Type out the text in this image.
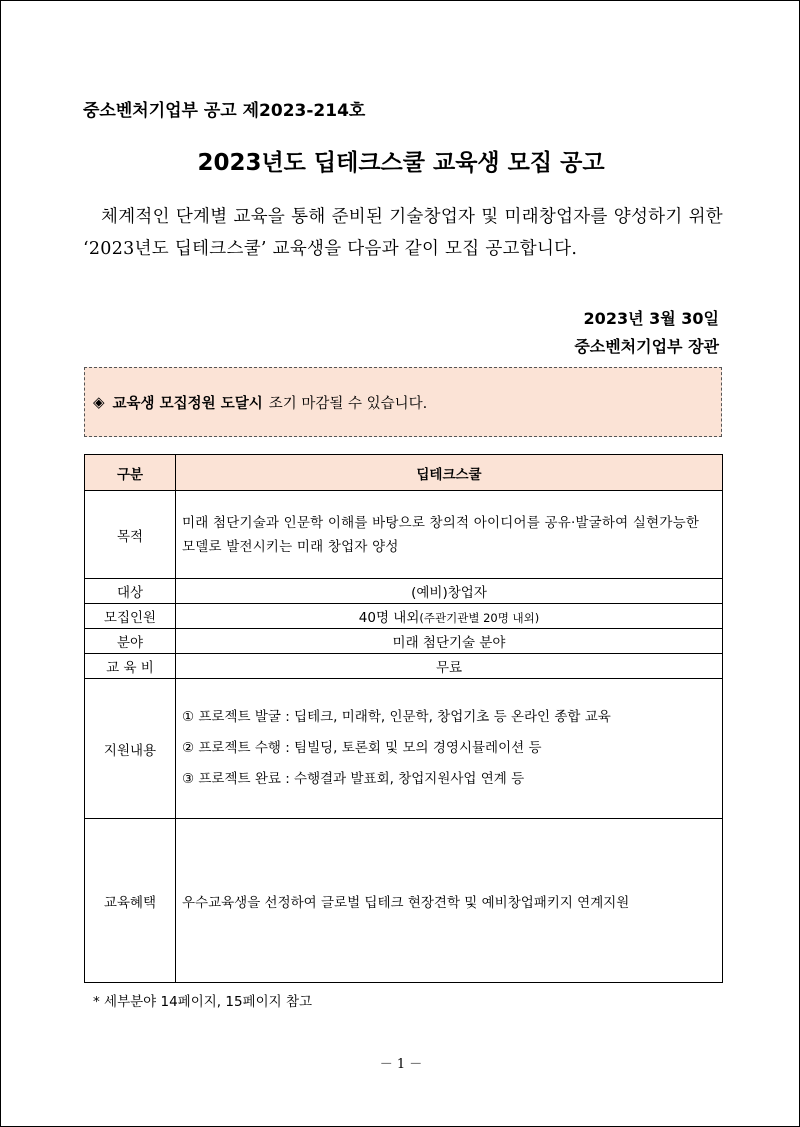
중소벤처기업부 공고 제2023-214호
2023년도 딥테크스쿨 교육생 모집 공고
체계적인 단계별 교육을 통해 준비된 기술창업자 및 미래창업자를 양성하기 위한 ‘2023년도 딥테크스쿨’ 교육생을 다음과 같이 모집 공고합니다.
2023년 3월 30일
중소벤처기업부 장관
◈ 교육생 모집정원 도달시 조기 마감될 수 있습니다.
구분	딥테크스쿨
목적	미래 첨단기술과 인문학 이해를 바탕으로 창의적 아이디어를 공유·발굴하여 실현가능한 모델로 발전시키는 미래 창업자 양성
대상	(예비)창업자
모집인원	40명 내외(주관기관별 20명 내외)
분야	미래 첨단기술 분야
교 육 비	무료
지원내용	① 프로젝트 발굴 : 딥테크, 미래학, 인문학, 창업기초 등 온라인 종합 교육
② 프로젝트 수행 : 팀빌딩, 토론회 및 모의 경영시뮬레이션 등
③ 프로젝트 완료 : 수행결과 발표회, 창업지원사업 연계 등

교육혜택	우수교육생을 선정하여 글로벌 딥테크 현장견학 및 예비창업패키지 연계지원
* 세부분야 14페이지, 15페이지 참고
－ 1 －
